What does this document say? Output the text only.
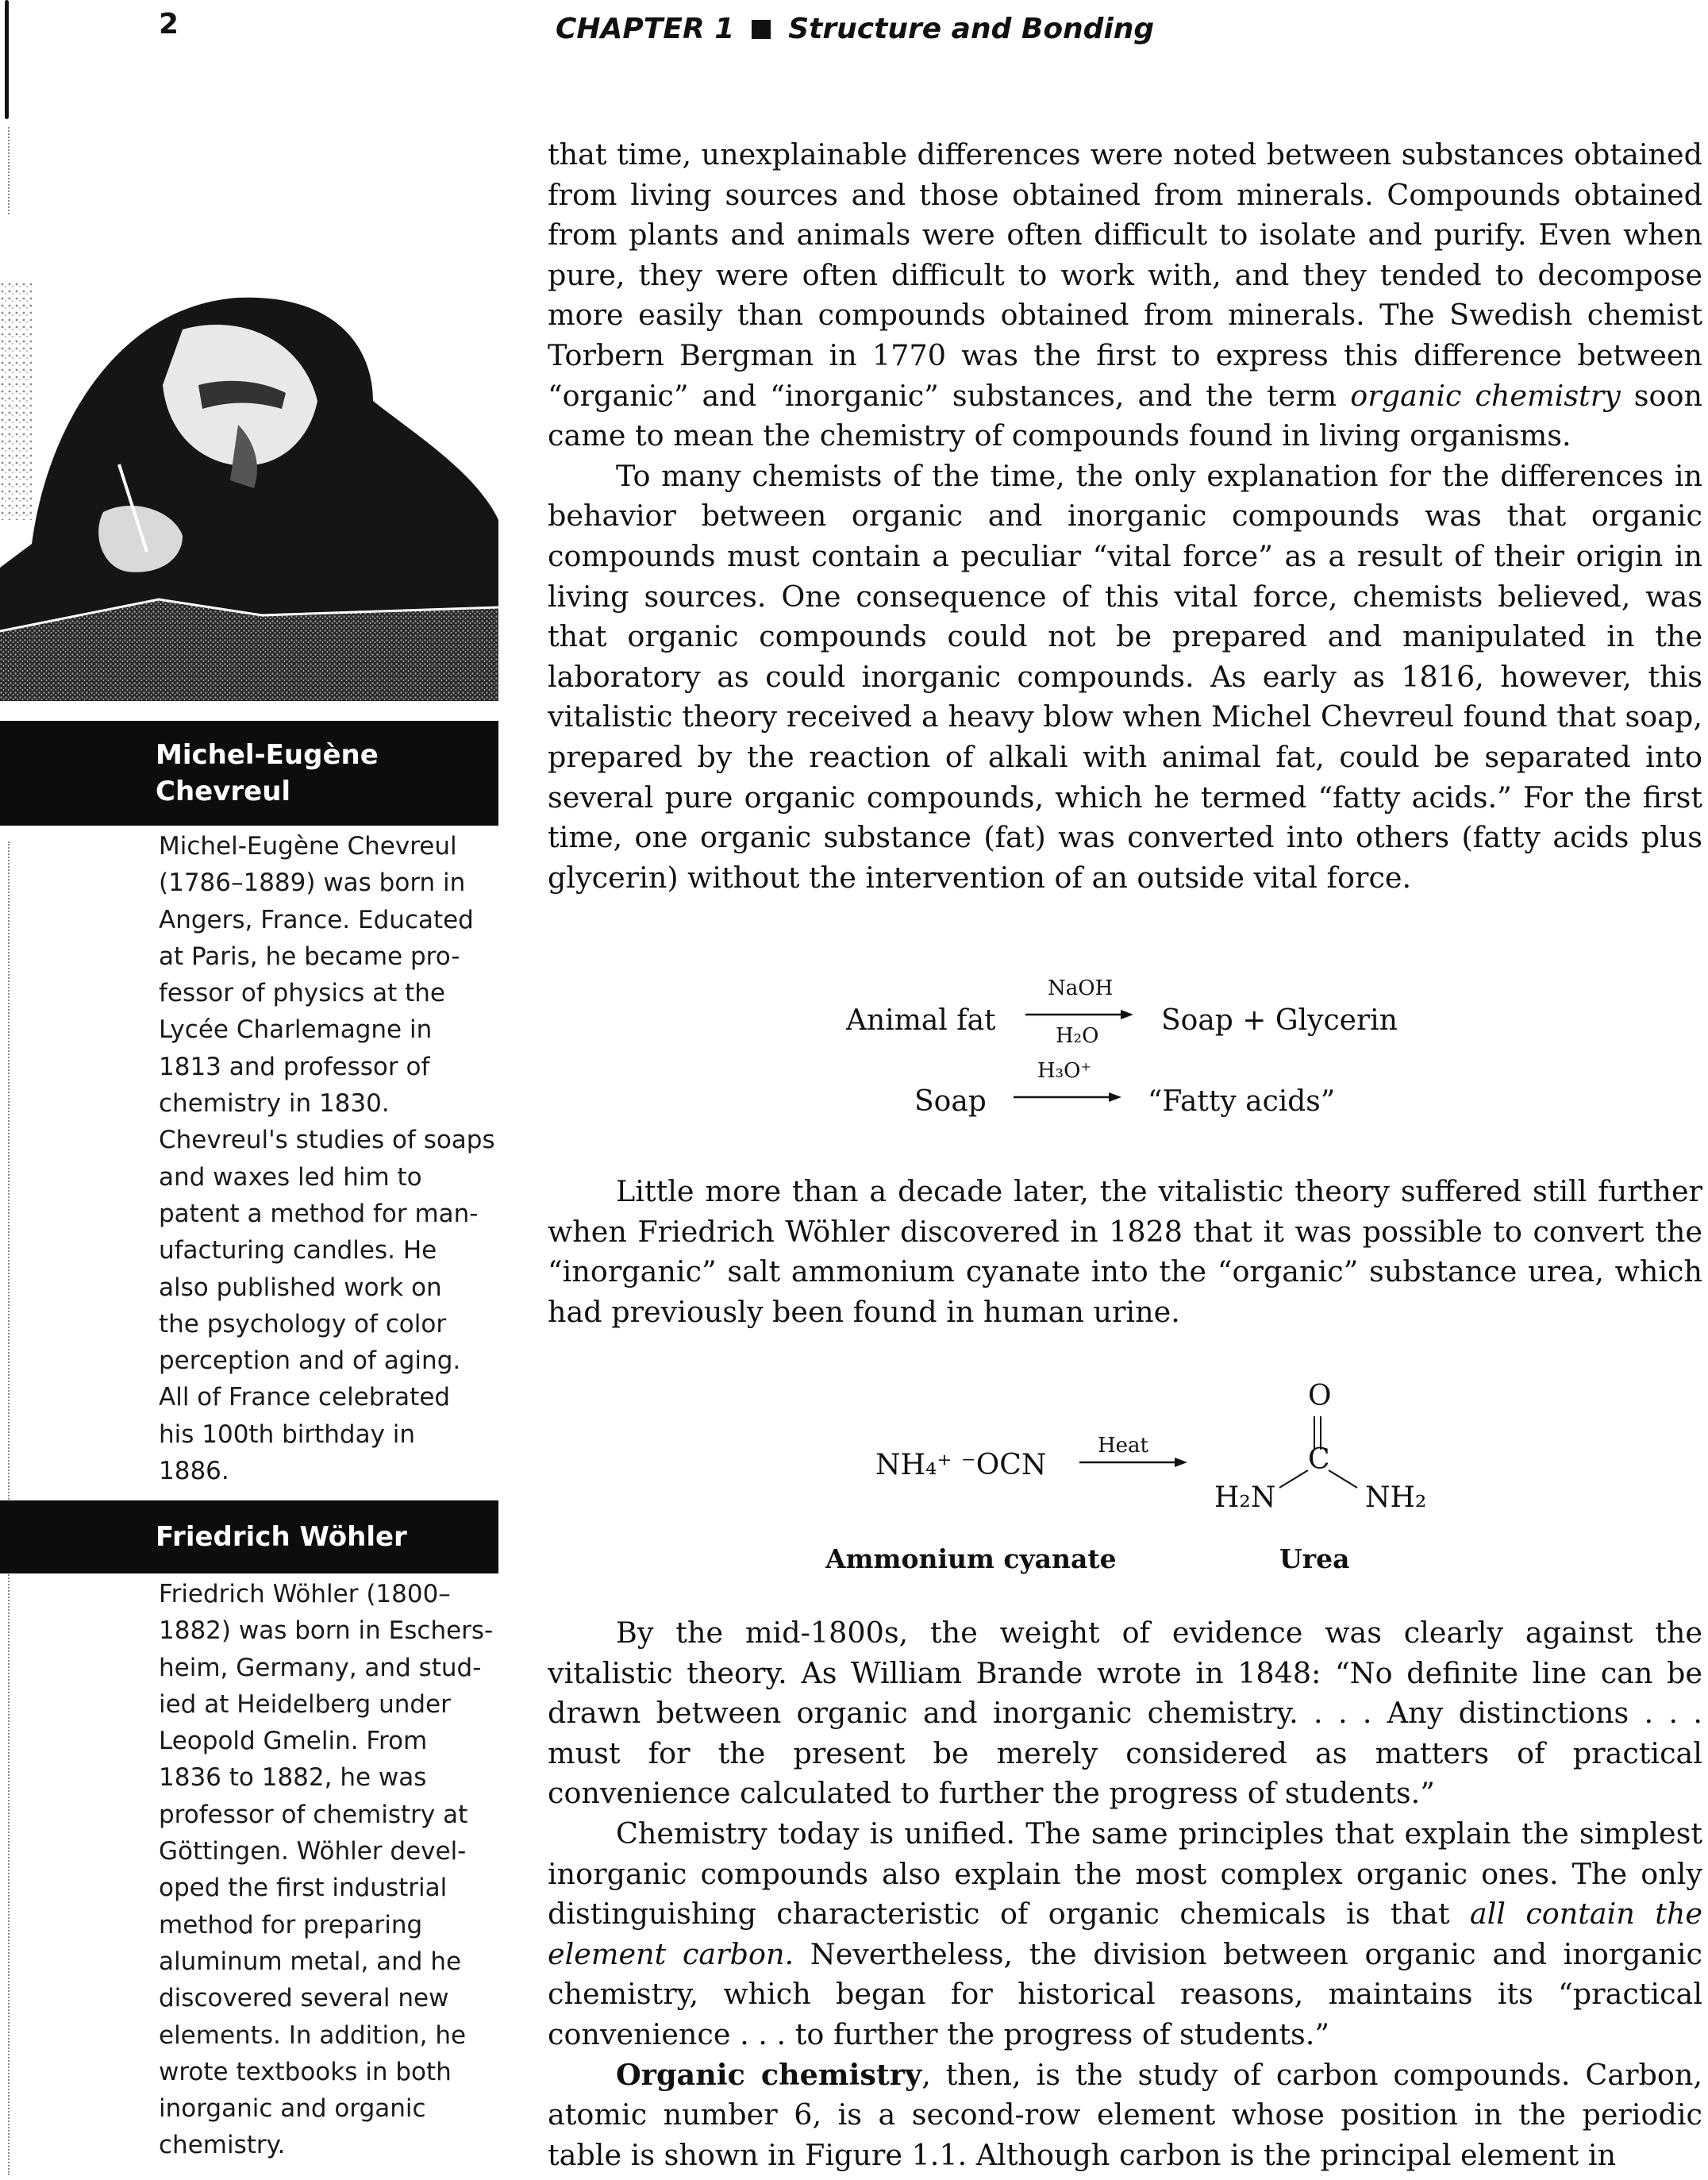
2	CHAPTER 1 Structure and Bonding
Michel-Eugène
Chevreul
Michel-Eugène Chevreul
(1786–1889) was born in
Angers, France. Educated
at Paris, he became pro-
fessor of physics at the
Lycée Charlemagne in
1813 and professor of
chemistry in 1830.
Chevreul's studies of soaps
and waxes led him to
patent a method for man-
ufacturing candles. He
also published work on
the psychology of color
perception and of aging.
All of France celebrated
his 100th birthday in
1886.
Friedrich Wöhler
Friedrich Wöhler (1800–
1882) was born in Eschers-
heim, Germany, and stud-
ied at Heidelberg under
Leopold Gmelin. From
1836 to 1882, he was
professor of chemistry at
Göttingen. Wöhler devel-
oped the first industrial
method for preparing
aluminum metal, and he
discovered several new
elements. In addition, he
wrote textbooks in both
inorganic and organic
chemistry.

that time, unexplainable differences were noted between substances obtained from living sources and those obtained from minerals. Compounds obtained from plants and animals were often difficult to isolate and purify. Even when pure, they were often difficult to work with, and they tended to decompose more easily than compounds obtained from minerals. The Swedish chemist Torbern Bergman in 1770 was the first to express this difference between “organic” and “inorganic” substances, and the term organic chemistry soon came to mean the chemistry of compounds found in living organisms.

To many chemists of the time, the only explanation for the differences in behavior between organic and inorganic compounds was that organic compounds must contain a peculiar “vital force” as a result of their origin in living sources. One consequence of this vital force, chemists believed, was that organic compounds could not be prepared and manipulated in the laboratory as could inorganic compounds. As early as 1816, however, this vitalistic theory received a heavy blow when Michel Chevreul found that soap, prepared by the reaction of alkali with animal fat, could be separated into several pure organic compounds, which he termed “fatty acids.” For the first time, one organic substance (fat) was converted into others (fatty acids plus glycerin) without the intervention of an outside vital force.

Animal fat
NaOH
H₂O Soap + Glycerin
Soap
H₃O⁺
“Fatty acids”

Little more than a decade later, the vitalistic theory suffered still further when Friedrich Wöhler discovered in 1828 that it was possible to convert the “inorganic” salt ammonium cyanate into the “organic” substance urea, which had previously been found in human urine.

NH₄⁺ ⁻OCN
Heat
O
C
H₂N	NH₂
Ammonium cyanate	Urea

By the mid-1800s, the weight of evidence was clearly against the vitalistic theory. As William Brande wrote in 1848: “No definite line can be drawn between organic and inorganic chemistry. . . . Any distinctions . . . must for the present be merely considered as matters of practical convenience calculated to further the progress of students.”

Chemistry today is unified. The same principles that explain the simplest inorganic compounds also explain the most complex organic ones. The only distinguishing characteristic of organic chemicals is that all contain the element carbon. Nevertheless, the division between organic and inorganic chemistry, which began for historical reasons, maintains its “practical convenience . . . to further the progress of students.”

Organic chemistry, then, is the study of carbon compounds. Carbon, atomic number 6, is a second-row element whose position in the periodic table is shown in Figure 1.1. Although carbon is the principal element in
